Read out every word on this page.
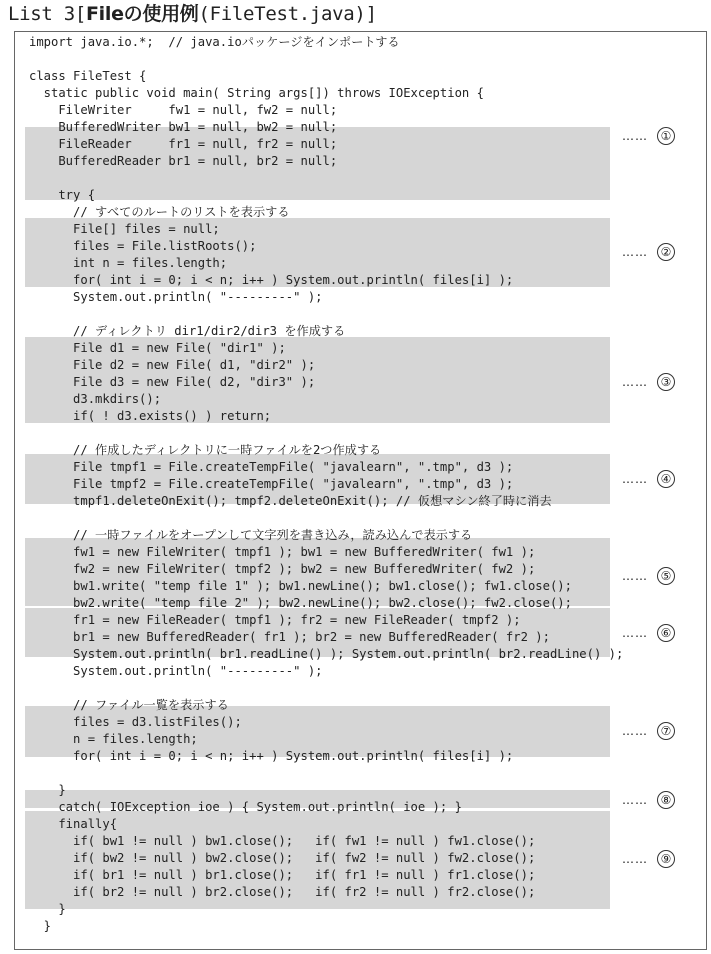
List 3[Fileの使用例(FileTest.java)]
import java.io.*;  // java.ioパッケージをインポートする
class FileTest {
static public void main( String args[]) throws IOException {
FileWriter     fw1 = null, fw2 = null;
BufferedWriter bw1 = null, bw2 = null;
FileReader     fr1 = null, fr2 = null;
BufferedReader br1 = null, br2 = null;
try {
// すべてのルートのリストを表示する
File[] files = null;
files = File.listRoots();
int n = files.length;
for( int i = 0; i < n; i++ ) System.out.println( files[i] );
System.out.println( "---------" );
// ディレクトリ dir1/dir2/dir3 を作成する
File d1 = new File( "dir1" );
File d2 = new File( d1, "dir2" );
File d3 = new File( d2, "dir3" );
d3.mkdirs();
if( ! d3.exists() ) return;
// 作成したディレクトリに一時ファイルを2つ作成する
File tmpf1 = File.createTempFile( "javalearn", ".tmp", d3 );
File tmpf2 = File.createTempFile( "javalearn", ".tmp", d3 );
tmpf1.deleteOnExit(); tmpf2.deleteOnExit(); // 仮想マシン終了時に消去
// 一時ファイルをオープンして文字列を書き込み，読み込んで表示する
fw1 = new FileWriter( tmpf1 ); bw1 = new BufferedWriter( fw1 );
fw2 = new FileWriter( tmpf2 ); bw2 = new BufferedWriter( fw2 );
bw1.write( "temp file 1" ); bw1.newLine(); bw1.close(); fw1.close();
bw2.write( "temp file 2" ); bw2.newLine(); bw2.close(); fw2.close();
fr1 = new FileReader( tmpf1 ); fr2 = new FileReader( tmpf2 );
br1 = new BufferedReader( fr1 ); br2 = new BufferedReader( fr2 );
System.out.println( br1.readLine() ); System.out.println( br2.readLine() );
System.out.println( "---------" );
// ファイル一覧を表示する
files = d3.listFiles();
n = files.length;
for( int i = 0; i < n; i++ ) System.out.println( files[i] );
}
catch( IOException ioe ) { System.out.println( ioe ); }
finally{
if( bw1 != null ) bw1.close();   if( fw1 != null ) fw1.close();
if( bw2 != null ) bw2.close();   if( fw2 != null ) fw2.close();
if( br1 != null ) br1.close();   if( fr1 != null ) fr1.close();
if( br2 != null ) br2.close();   if( fr2 != null ) fr2.close();
}
}
……	①
……	②
……	③
……	④
……	⑤
……	⑥
……	⑦
……	⑧
……	⑨
